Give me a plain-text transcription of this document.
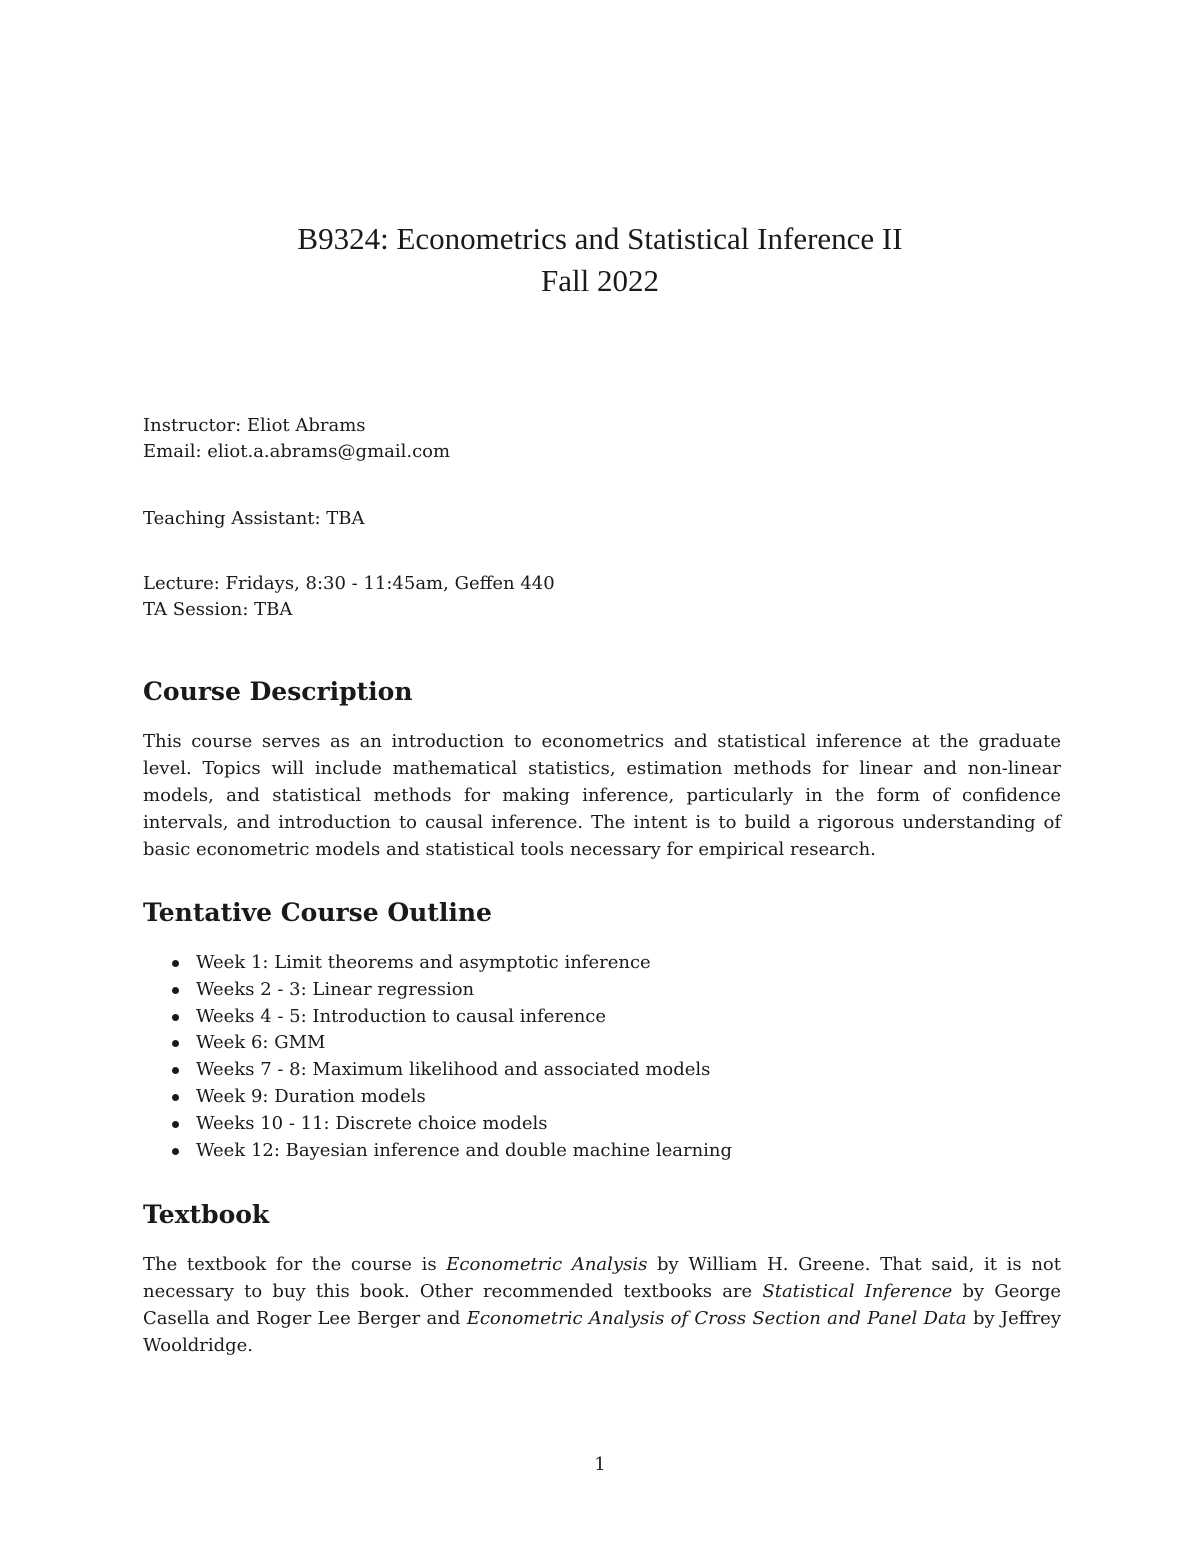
B9324: Econometrics and Statistical Inference II

Fall 2022

Instructor: Eliot Abrams

Email: eliot.a.abrams@gmail.com

Teaching Assistant: TBA

Lecture: Fridays, 8:30 - 11:45am, Geffen 440

TA Session: TBA

Course Description

This course serves as an introduction to econometrics and statistical inference at the graduate level. Topics will include mathematical statistics, estimation methods for linear and non-linear models, and statistical methods for making inference, particularly in the form of confidence intervals, and introduction to causal inference. The intent is to build a rigorous understanding of basic econometric models and statistical tools necessary for empirical research.

Tentative Course Outline
Week 1: Limit theorems and asymptotic inference
Weeks 2 - 3: Linear regression
Weeks 4 - 5: Introduction to causal inference
Week 6: GMM
Weeks 7 - 8: Maximum likelihood and associated models
Week 9: Duration models
Weeks 10 - 11: Discrete choice models
Week 12: Bayesian inference and double machine learning
Textbook

The textbook for the course is Econometric Analysis by William H. Greene. That said, it is not necessary to buy this book. Other recommended textbooks are Statistical Inference by George Casella and Roger Lee Berger and Econometric Analysis of Cross Section and Panel Data by Jeffrey Wooldridge.

1
